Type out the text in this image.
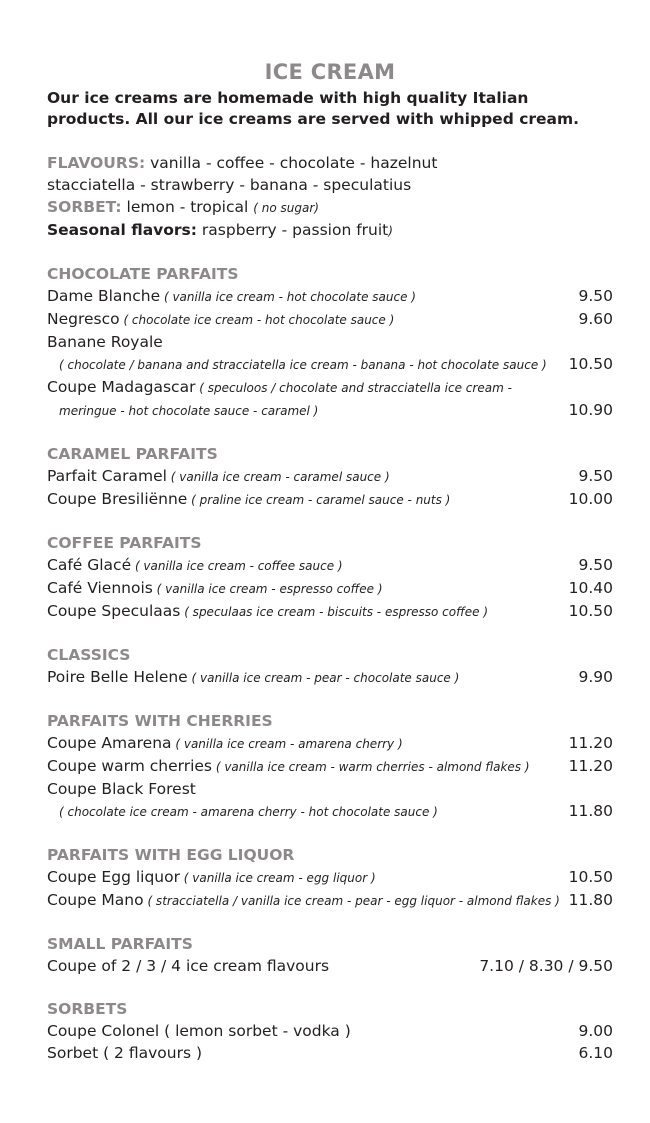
ICE CREAM

Our ice creams are homemade with high quality Italian
products. All our ice creams are served with whipped cream.

FLAVOURS: vanilla - coffee - chocolate - hazelnut
stacciatella - strawberry - banana - speculatius
SORBET: lemon - tropical ( no sugar)
Seasonal flavors: raspberry - passion fruit)
CHOCOLATE PARFAITS
Dame Blanche ( vanilla ice cream - hot chocolate sauce )	9.50
Negresco ( chocolate ice cream - hot chocolate sauce )	9.60
Banane Royale
( chocolate / banana and stracciatella ice cream - banana - hot chocolate sauce ) 10.50
Coupe Madagascar ( speculoos / chocolate and stracciatella ice cream -
meringue - hot chocolate sauce - caramel )	10.90
CARAMEL PARFAITS
Parfait Caramel ( vanilla ice cream - caramel sauce )	9.50
Coupe Bresiliënne ( praline ice cream - caramel sauce - nuts )	10.00
COFFEE PARFAITS
Café Glacé ( vanilla ice cream - coffee sauce )	9.50
Café Viennois ( vanilla ice cream - espresso coffee )	10.40
Coupe Speculaas ( speculaas ice cream - biscuits - espresso coffee )	10.50
CLASSICS
Poire Belle Helene ( vanilla ice cream - pear - chocolate sauce )	9.90
PARFAITS WITH CHERRIES
Coupe Amarena ( vanilla ice cream - amarena cherry )	11.20
Coupe warm cherries ( vanilla ice cream - warm cherries - almond flakes )	11.20
Coupe Black Forest
( chocolate ice cream - amarena cherry - hot chocolate sauce )	11.80
PARFAITS WITH EGG LIQUOR
Coupe Egg liquor ( vanilla ice cream - egg liquor )	10.50
Coupe Mano ( stracciatella / vanilla ice cream - pear - egg liquor - almond flakes ) 11.80
SMALL PARFAITS
Coupe of 2 / 3 / 4 ice cream flavours	7.10 / 8.30 / 9.50
SORBETS
Coupe Colonel ( lemon sorbet - vodka )	9.00
Sorbet ( 2 flavours )	6.10
